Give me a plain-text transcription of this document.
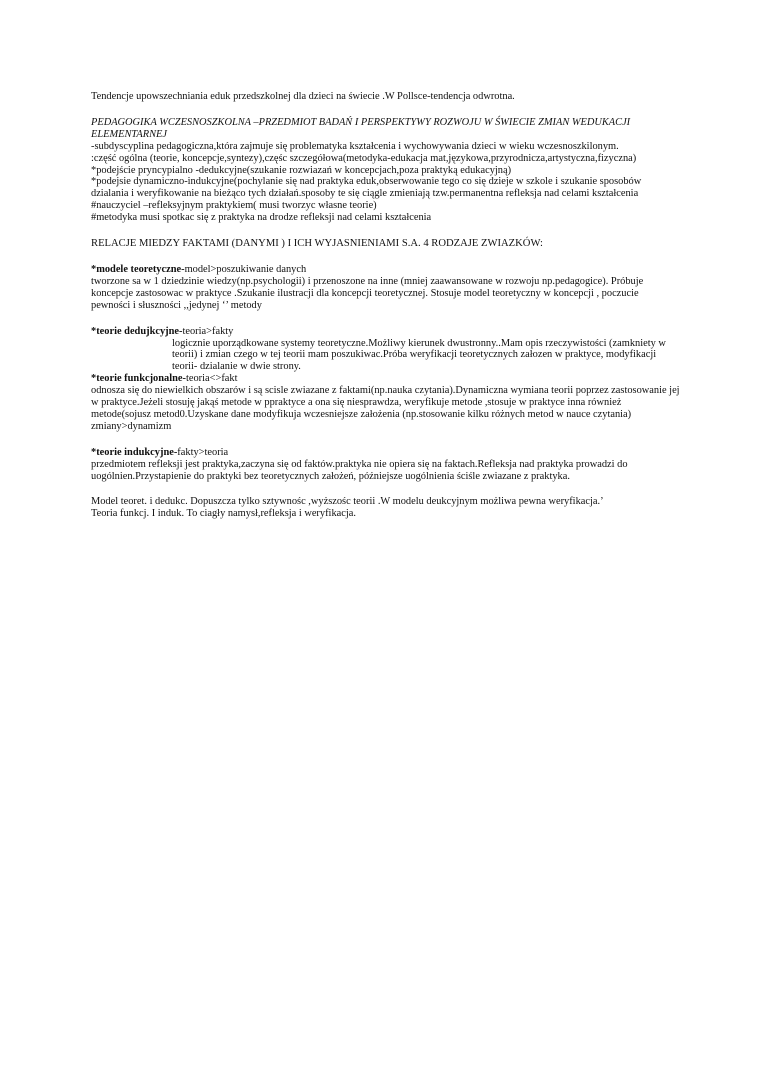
Tendencje upowszechniania eduk przedszkolnej dla dzieci na świecie .W Pollsce-tendencja odwrotna.

PEDAGOGIKA WCZESNOSZKOLNA –PRZEDMIOT BADAŃ I PERSPEKTYWY ROZWOJU W ŚWIECIE ZMIAN WEDUKACJI
ELEMENTARNEJ

-subdyscyplina pedagogiczna,która zajmuje się problematyka kształcenia i wychowywania dzieci w wieku wczesnoszkilonym.

:część ogólna (teorie, koncepcje,syntezy),częśc szczegółowa(metodyka-edukacja mat,językowa,przyrodnicza,artystyczna,fizyczna)

*podejście pryncypialno -dedukcyjne(szukanie rozwiazań w koncepcjach,poza praktyką edukacyjną)

*podejsie dynamiczno-indukcyjne(pochylanie się nad praktyka eduk,obserwowanie tego co się dzieje w szkole i szukanie sposobów

dzialania i weryfikowanie na bieżąco tych działań.sposoby te się ciągle zmieniają tzw.permanentna refleksja nad celami kształcenia

#nauczyciel –refleksyjnym praktykiem( musi tworzyc własne teorie)

#metodyka musi spotkac się z praktyka na drodze refleksji nad celami kształcenia

RELACJE MIEDZY FAKTAMI (DANYMI ) I ICH WYJASNIENIAMI S.A. 4 RODZAJE ZWIAZKÓW:

*modele teoretyczne-model>poszukiwanie danych

tworzone sa w 1 dziedzinie wiedzy(np.psychologii) i przenoszone na inne (mniej zaawansowane w rozwoju np.pedagogice). Próbuje

koncepcje zastosowac w praktyce .Szukanie ilustracji dla koncepcji teoretycznej. Stosuje model teoretyczny w koncepcji , poczucie

pewności i słuszności ,,jedynej ‘’ metody

*teorie dedujkcyjne-teoria>fakty

logicznie uporządkowane systemy teoretyczne.Możliwy kierunek dwustronny..Mam opis rzeczywistości (zamkniety w

teorii) i zmian czego w tej teorii mam poszukiwac.Próba weryfikacji teoretycznych załozen w praktyce, modyfikacji

teorii- dzialanie w dwie strony.

*teorie funkcjonalne-teoria<>fakt

odnosza się do niewielkich obszarów i są scisle zwiazane z faktami(np.nauka czytania).Dynamiczna wymiana teorii poprzez zastosowanie jej

w praktyce.Jeżeli stosuję jakąś metode w pprakt​yce a ona się niesprawdza, weryfikuje metode ,stosuje w praktyce inna również

metode(sojusz metod0.Uzyskane dane modyfikuja wczesniejsze założenia (np.stosowanie kilku różnych metod w nauce czytania)

zmiany>dynamizm

*teorie indukcyjne-fakty>teoria

przedmiotem refleksji jest praktyka,zaczyna się od faktów.praktyka nie opiera się na faktach.Refleksja nad praktyka prowadzi do

uogólnien.Przystapienie do praktyki bez teoretycznych założeń, późniejsze uogólnienia ściśle zwiazane z praktyka.

Model teoret. i dedukc. Dopuszcza tylko sztywnośc ,wyższośc teorii .W modelu deukcyjnym możliwa pewna weryfikacja.’

Teoria funkcj. I induk. To ciagły namysł,refleksja i weryfikacja.
